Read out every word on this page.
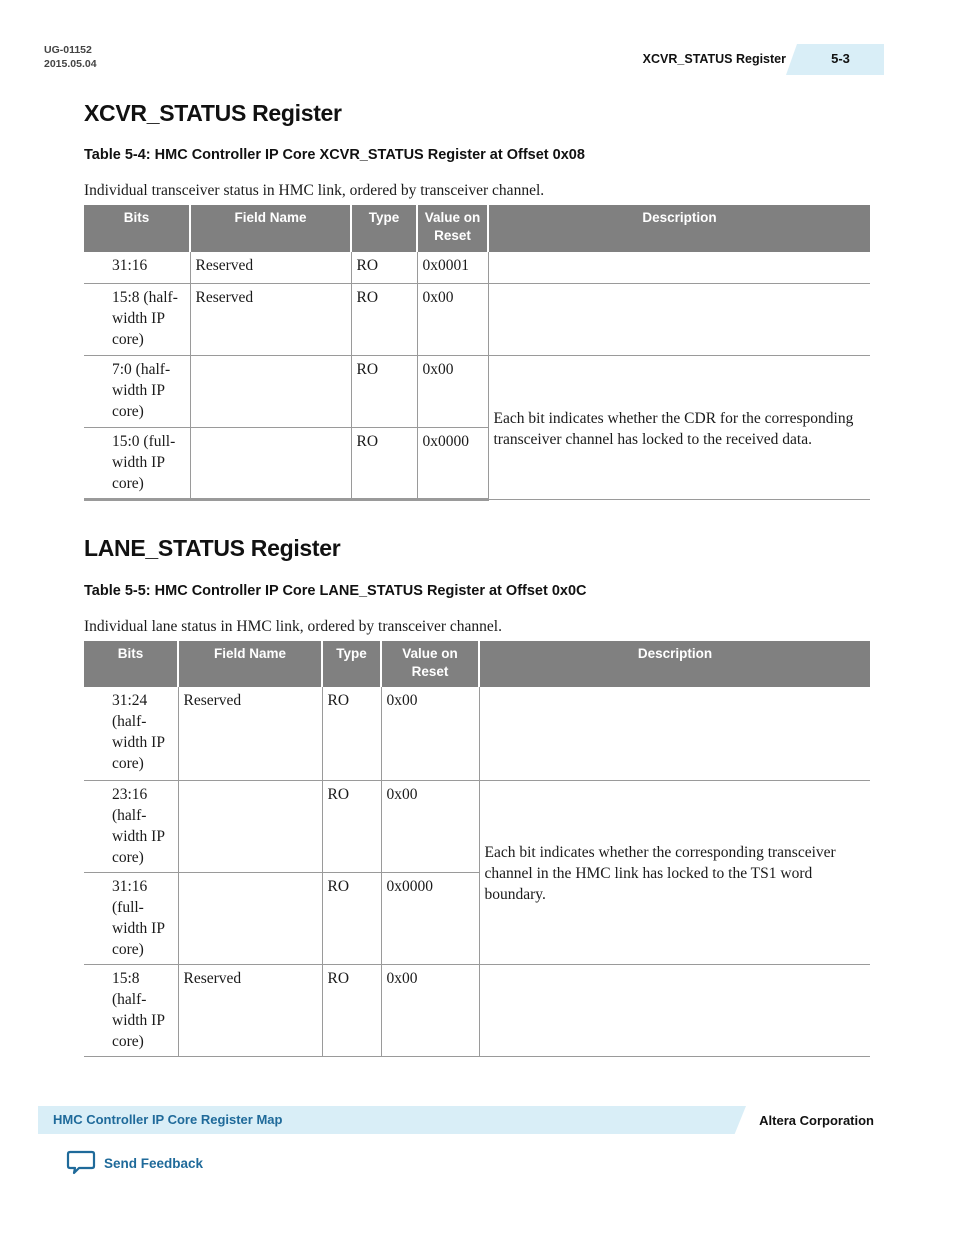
UG-01152
2015.05.04	XCVR_STATUS Register	5-3
XCVR_STATUS Register
Table 5-4: HMC Controller IP Core XCVR_STATUS Register at Offset 0x08
Individual transceiver status in HMC link, ordered by transceiver channel.
Bits	Field Name	Type	Value on Reset	Description
31:16	Reserved	RO	0x0001	
15:8 (half-width IP core)	Reserved	RO	0x00	
7:0 (half-width IP core)		RO	0x00	Each bit indicates whether the CDR for the corresponding transceiver channel has locked to the received data.
15:0 (full-width IP core)		RO	0x0000	
LANE_STATUS Register
Table 5-5: HMC Controller IP Core LANE_STATUS Register at Offset 0x0C
Individual lane status in HMC link, ordered by transceiver channel.
Bits	Field Name	Type	Value on Reset	Description
31:24 (half-width IP core)	Reserved	RO	0x00	
23:16 (half-width IP core)		RO	0x00	Each bit indicates whether the corresponding transceiver channel in the HMC link has locked to the TS1 word boundary.
31:16 (full-width IP core)		RO	0x0000	
15:8 (half-width IP core)	Reserved	RO	0x00	
HMC Controller IP Core Register Map	Altera Corporation
Send Feedback
